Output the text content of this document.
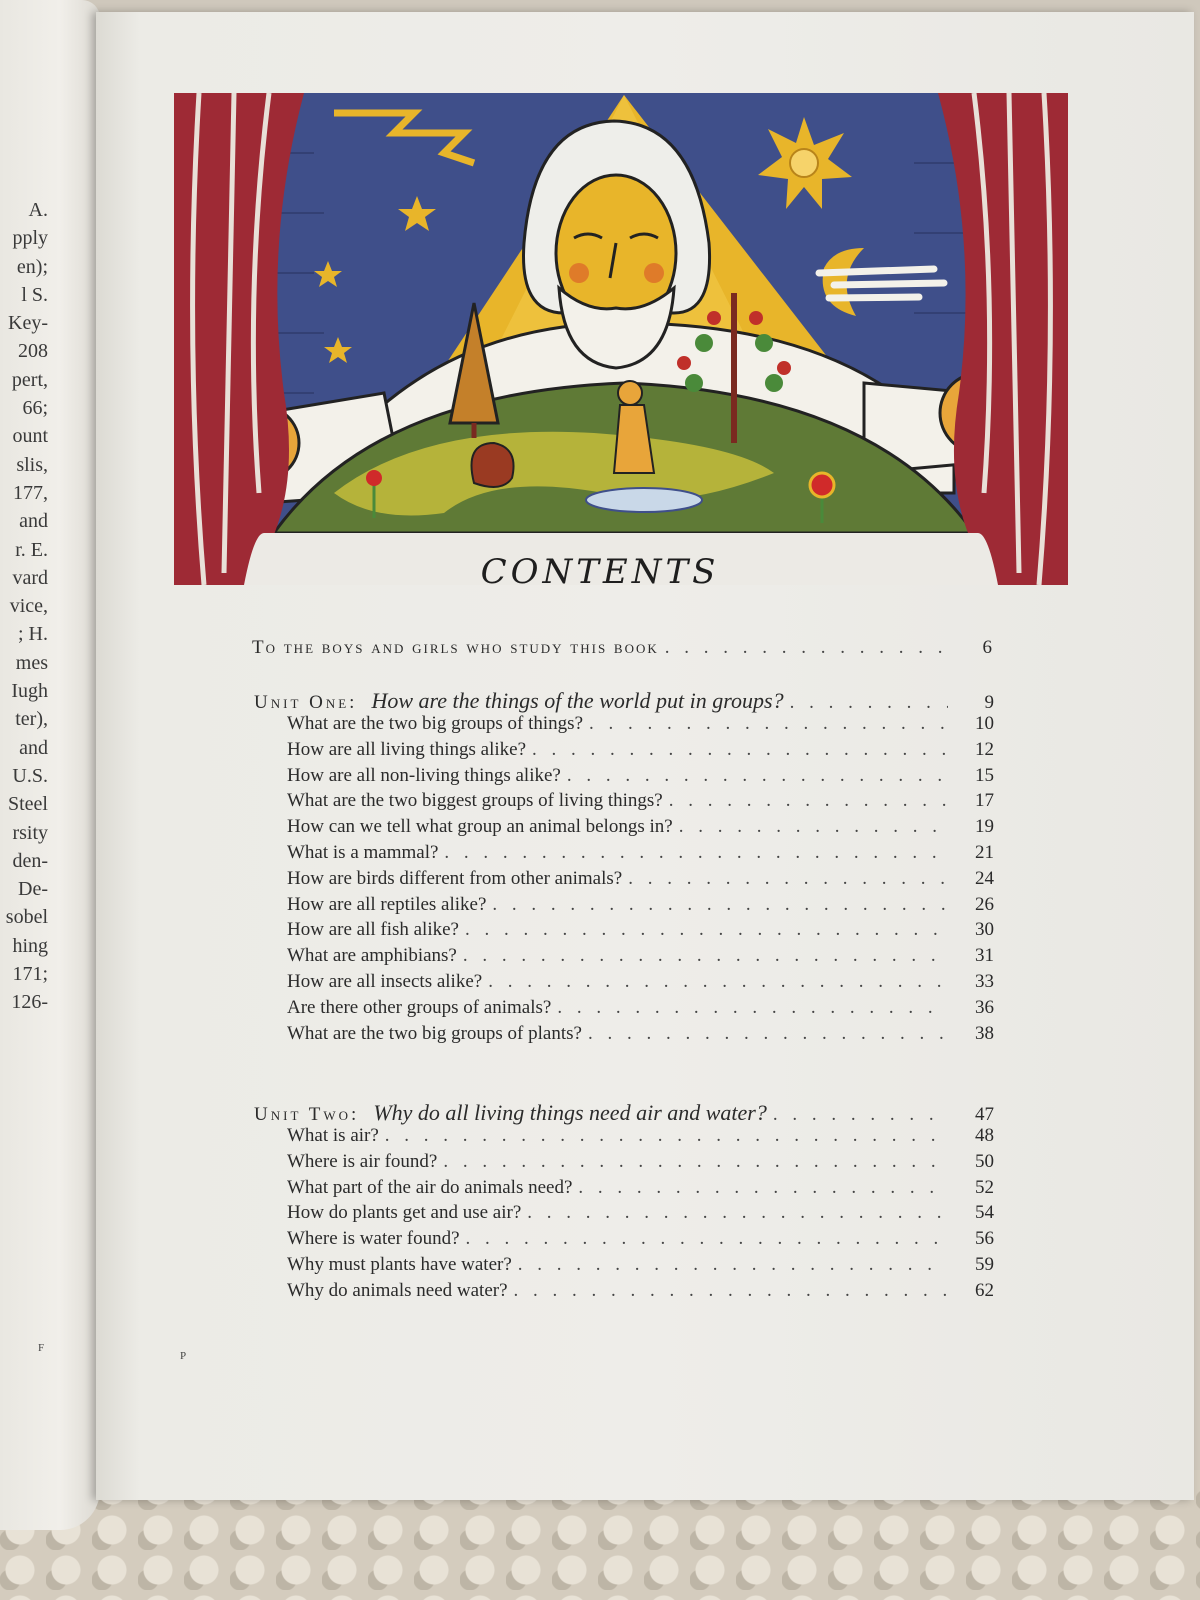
A.
pply
en);
l S.
Key-
208
pert,
66;
ount
slis,
177,
and
r. E.
vard
vice,
; H.
mes
Iugh
ter),
and
U.S.
Steel
rsity
den-
De-
sobel
hing
171;
126-
F
CONTENTS
To the boys and girls who study this book . . .	6
Unit One: How are the things of the world put in groups? . . .	9
What are the two big groups of things? . . .	10
How are all living things alike? . . .	12
How are all non-living things alike? . . .	15
What are the two biggest groups of living things? . . .	17
How can we tell what group an animal belongs in? . . .	19
What is a mammal? . . .	21
How are birds different from other animals? . . .	24
How are all reptiles alike? . . .	26
How are all fish alike? . . .	30
What are amphibians? . . .	31
How are all insects alike? . . .	33
Are there other groups of animals? . . .	36
What are the two big groups of plants? . . .	38
Unit Two: Why do all living things need air and water? . . .	47
What is air? . . .	48
Where is air found? . . .	50
What part of the air do animals need? . . .	52
How do plants get and use air? . . .	54
Where is water found? . . .	56
Why must plants have water? . . .	59
Why do animals need water? . . .	62
P
